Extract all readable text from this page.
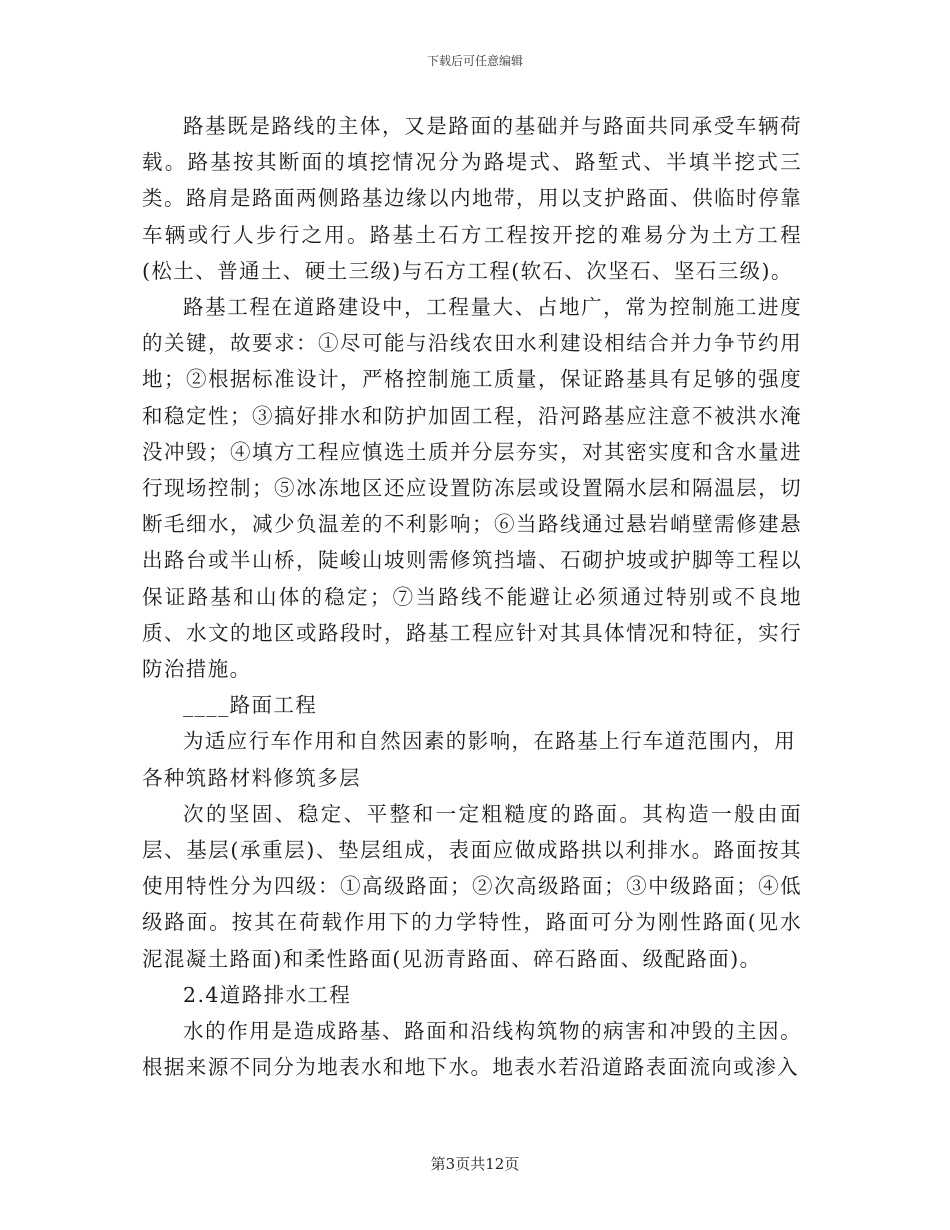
下载后可任意编辑

路基既是路线的主体，又是路面的基础并与路面共同承受车辆荷载。路基按其断面的填挖情况分为路堤式、路堑式、半填半挖式三类。路肩是路面两侧路基边缘以内地带，用以支护路面、供临时停靠车辆或行人步行之用。路基土石方工程按开挖的难易分为土方工程(松土、普通土、硬土三级)与石方工程(软石、次坚石、坚石三级)。

路基工程在道路建设中，工程量大、占地广，常为控制施工进度的关键，故要求：①尽可能与沿线农田水利建设相结合并力争节约用地；②根据标准设计，严格控制施工质量，保证路基具有足够的强度和稳定性；③搞好排水和防护加固工程，沿河路基应注意不被洪水淹没冲毁；④填方工程应慎选土质并分层夯实，对其密实度和含水量进行现场控制；⑤冰冻地区还应设置防冻层或设置隔水层和隔温层，切断毛细水，减少负温差的不利影响；⑥当路线通过悬岩峭壁需修建悬出路台或半山桥，陡峻山坡则需修筑挡墙、石砌护坡或护脚等工程以保证路基和山体的稳定；⑦当路线不能避让必须通过特别或不良地质、水文的地区或路段时，路基工程应针对其具体情况和特征，实行防治措施。

____路面工程

为适应行车作用和自然因素的影响，在路基上行车道范围内，用各种筑路材料修筑多层

次的坚固、稳定、平整和一定粗糙度的路面。其构造一般由面层、基层(承重层)、垫层组成，表面应做成路拱以利排水。路面按其使用特性分为四级：①高级路面；②次高级路面；③中级路面；④低级路面。按其在荷载作用下的力学特性，路面可分为刚性路面(见水泥混凝土路面)和柔性路面(见沥青路面、碎石路面、级配路面)。

2.4道路排水工程

水的作用是造成路基、路面和沿线构筑物的病害和冲毁的主因。根据来源不同分为地表水和地下水。地表水若沿道路表面流向或渗入

第3页共12页
